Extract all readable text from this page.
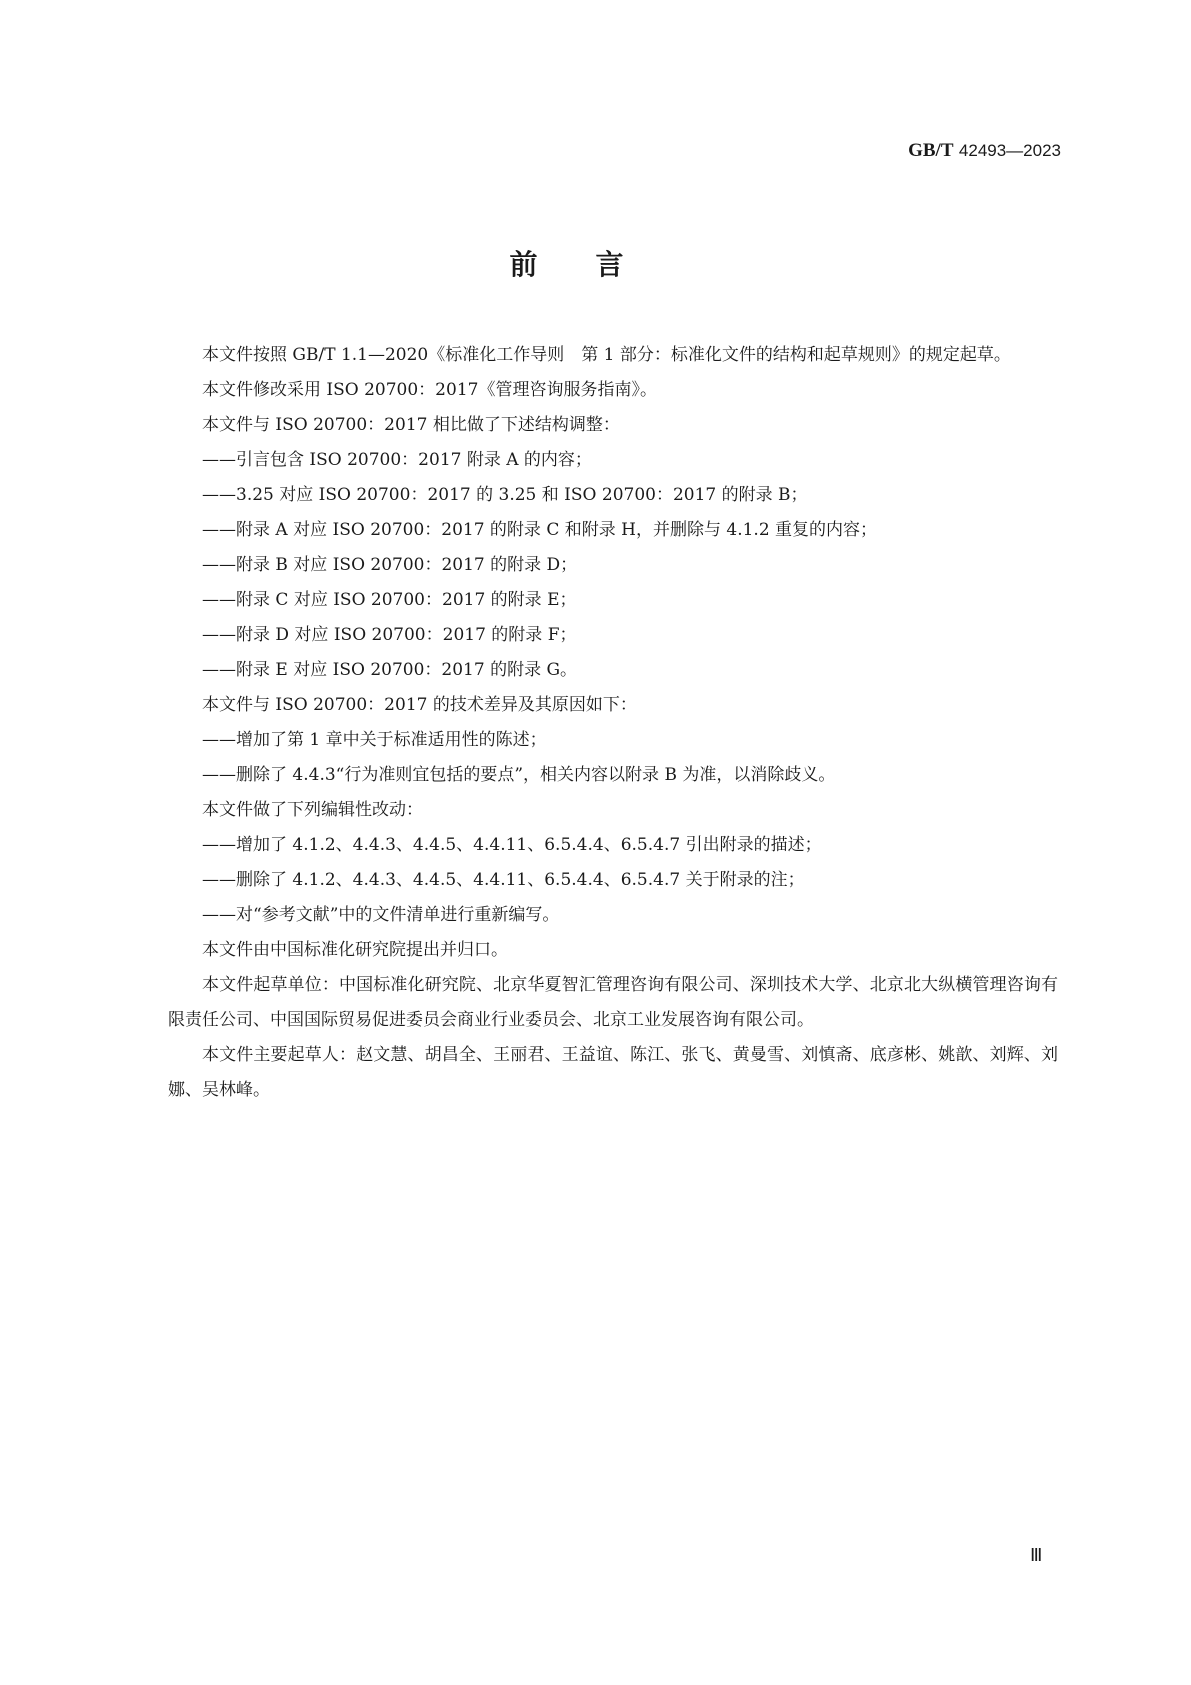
GB/T 42493—2023
前言

本文件按照 GB/T 1.1—2020《标准化工作导则　第 1 部分：标准化文件的结构和起草规则》的规定起草。

本文件修改采用 ISO 20700：2017《管理咨询服务指南》。

本文件与 ISO 20700：2017 相比做了下述结构调整：

——引言包含 ISO 20700：2017 附录 A 的内容；

——3.25 对应 ISO 20700：2017 的 3.25 和 ISO 20700：2017 的附录 B；

——附录 A 对应 ISO 20700：2017 的附录 C 和附录 H，并删除与 4.1.2 重复的内容；

——附录 B 对应 ISO 20700：2017 的附录 D；

——附录 C 对应 ISO 20700：2017 的附录 E；

——附录 D 对应 ISO 20700：2017 的附录 F；

——附录 E 对应 ISO 20700：2017 的附录 G。

本文件与 ISO 20700：2017 的技术差异及其原因如下：

——增加了第 1 章中关于标准适用性的陈述；

——删除了 4.4.3“行为准则宜包括的要点”，相关内容以附录 B 为准，以消除歧义。

本文件做了下列编辑性改动：

——增加了 4.1.2、4.4.3、4.4.5、4.4.11、6.5.4.4、6.5.4.7 引出附录的描述；

——删除了 4.1.2、4.4.3、4.4.5、4.4.11、6.5.4.4、6.5.4.7 关于附录的注；

——对“参考文献”中的文件清单进行重新编写。

本文件由中国标准化研究院提出并归口。

本文件起草单位：中国标准化研究院、北京华夏智汇管理咨询有限公司、深圳技术大学、北京北大纵横管理咨询有限责任公司、中国国际贸易促进委员会商业行业委员会、北京工业发展咨询有限公司。

本文件主要起草人：赵文慧、胡昌全、王丽君、王益谊、陈江、张飞、黄曼雪、刘慎斋、底彦彬、姚歆、刘辉、刘娜、吴林峰。

Ⅲ
